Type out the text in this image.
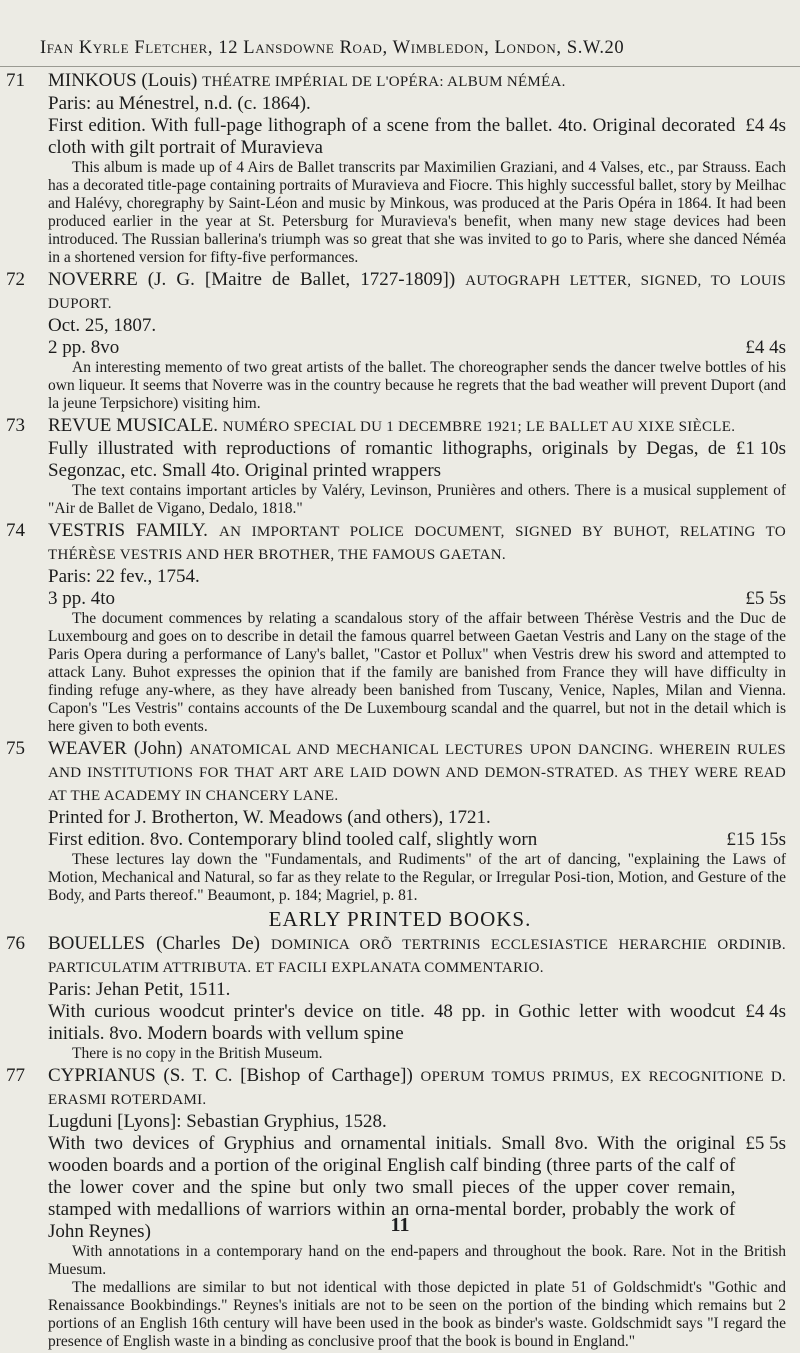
Ifan Kyrle Fletcher, 12 Lansdowne Road, Wimbledon, London, S.W.20
71	MINKOUS (Louis) THÉATRE IMPÉRIAL DE L'OPÉRA: ALBUM NÉMÉA.
Paris: au Ménestrel, n.d. (c. 1864).
First edition. With full-page lithograph of a scene from the ballet. 4to. Original decorated cloth with gilt portrait of Muravieva
£4 4s
This album is made up of 4 Airs de Ballet transcrits par Maximilien Graziani, and 4 Valses, etc., par Strauss. Each has a decorated title-page containing portraits of Muravieva and Fiocre. This highly successful ballet, story by Meilhac and Halévy, choregraphy by Saint-Léon and music by Minkous, was produced at the Paris Opéra in 1864. It had been produced earlier in the year at St. Petersburg for Muravieva's benefit, when many new stage devices had been introduced. The Russian ballerina's triumph was so great that she was invited to go to Paris, where she danced Néméa in a shortened version for fifty-five performances.
72	NOVERRE (J. G. [Maitre de Ballet, 1727-1809]) AUTOGRAPH LETTER, SIGNED, TO LOUIS DUPORT.
Oct. 25, 1807.
2 pp. 8vo	£4 4s
An interesting memento of two great artists of the ballet. The choreographer sends the dancer twelve bottles of his own liqueur. It seems that Noverre was in the country because he regrets that the bad weather will prevent Duport (and la jeune Terpsichore) visiting him.
73	REVUE MUSICALE. NUMÉRO SPECIAL DU 1 DECEMBRE 1921; LE BALLET AU XIXE SIÈCLE.
Fully illustrated with reproductions of romantic lithographs, originals by Degas, de Segonzac, etc. Small 4to. Original printed wrappers
£1 10s
The text contains important articles by Valéry, Levinson, Prunières and others. There is a musical supplement of "Air de Ballet de Vigano, Dedalo, 1818."
74	VESTRIS FAMILY. AN IMPORTANT POLICE DOCUMENT, SIGNED BY BUHOT, RELATING TO THÉRÈSE VESTRIS AND HER BROTHER, THE FAMOUS GAETAN.
Paris: 22 fev., 1754.
3 pp. 4to	£5 5s
The document commences by relating a scandalous story of the affair between Thérèse Vestris and the Duc de Luxembourg and goes on to describe in detail the famous quarrel between Gaetan Vestris and Lany on the stage of the Paris Opera during a performance of Lany's ballet, "Castor et Pollux" when Vestris drew his sword and attempted to attack Lany. Buhot expresses the opinion that if the family are banished from France they will have difficulty in finding refuge any-where, as they have already been banished from Tuscany, Venice, Naples, Milan and Vienna. Capon's "Les Vestris" contains accounts of the De Luxembourg scandal and the quarrel, but not in the detail which is here given to both events.
75	WEAVER (John) ANATOMICAL AND MECHANICAL LECTURES UPON DANCING. WHEREIN RULES AND INSTITUTIONS FOR THAT ART ARE LAID DOWN AND DEMON-STRATED. AS THEY WERE READ AT THE ACADEMY IN CHANCERY LANE.
Printed for J. Brotherton, W. Meadows (and others), 1721.
First edition. 8vo. Contemporary blind tooled calf, slightly worn	£15 15s
These lectures lay down the "Fundamentals, and Rudiments" of the art of dancing, "explaining the Laws of Motion, Mechanical and Natural, so far as they relate to the Regular, or Irregular Posi-tion, Motion, and Gesture of the Body, and Parts thereof." Beaumont, p. 184; Magriel, p. 81.
EARLY PRINTED BOOKS.
76	BOUELLES (Charles De) DOMINICA ORÕ TERTRINIS ECCLESIASTICE HERARCHIE ORDINIB. PARTICULATIM ATTRIBUTA. ET FACILI EXPLANATA COMMENTARIO.
Paris: Jehan Petit, 1511.
With curious woodcut printer's device on title. 48 pp. in Gothic letter with woodcut initials. 8vo. Modern boards with vellum spine
£4 4s
There is no copy in the British Museum.
77	CYPRIANUS (S. T. C. [Bishop of Carthage]) OPERUM TOMUS PRIMUS, EX RECOGNITIONE D. ERASMI ROTERDAMI.
Lugduni [Lyons]: Sebastian Gryphius, 1528.
With two devices of Gryphius and ornamental initials. Small 8vo. With the original wooden boards and a portion of the original English calf binding (three parts of the calf of the lower cover and the spine but only two small pieces of the upper cover remain, stamped with medallions of warriors within an orna-mental border, probably the work of John Reynes)
£5 5s
With annotations in a contemporary hand on the end-papers and throughout the book. Rare. Not in the British Muesum.
The medallions are similar to but not identical with those depicted in plate 51 of Goldschmidt's "Gothic and Renaissance Bookbindings." Reynes's initials are not to be seen on the portion of the binding which remains but 2 portions of an English 16th century will have been used in the book as binder's waste. Goldschmidt says "I regard the presence of English waste in a binding as conclusive proof that the book is bound in England."
11
